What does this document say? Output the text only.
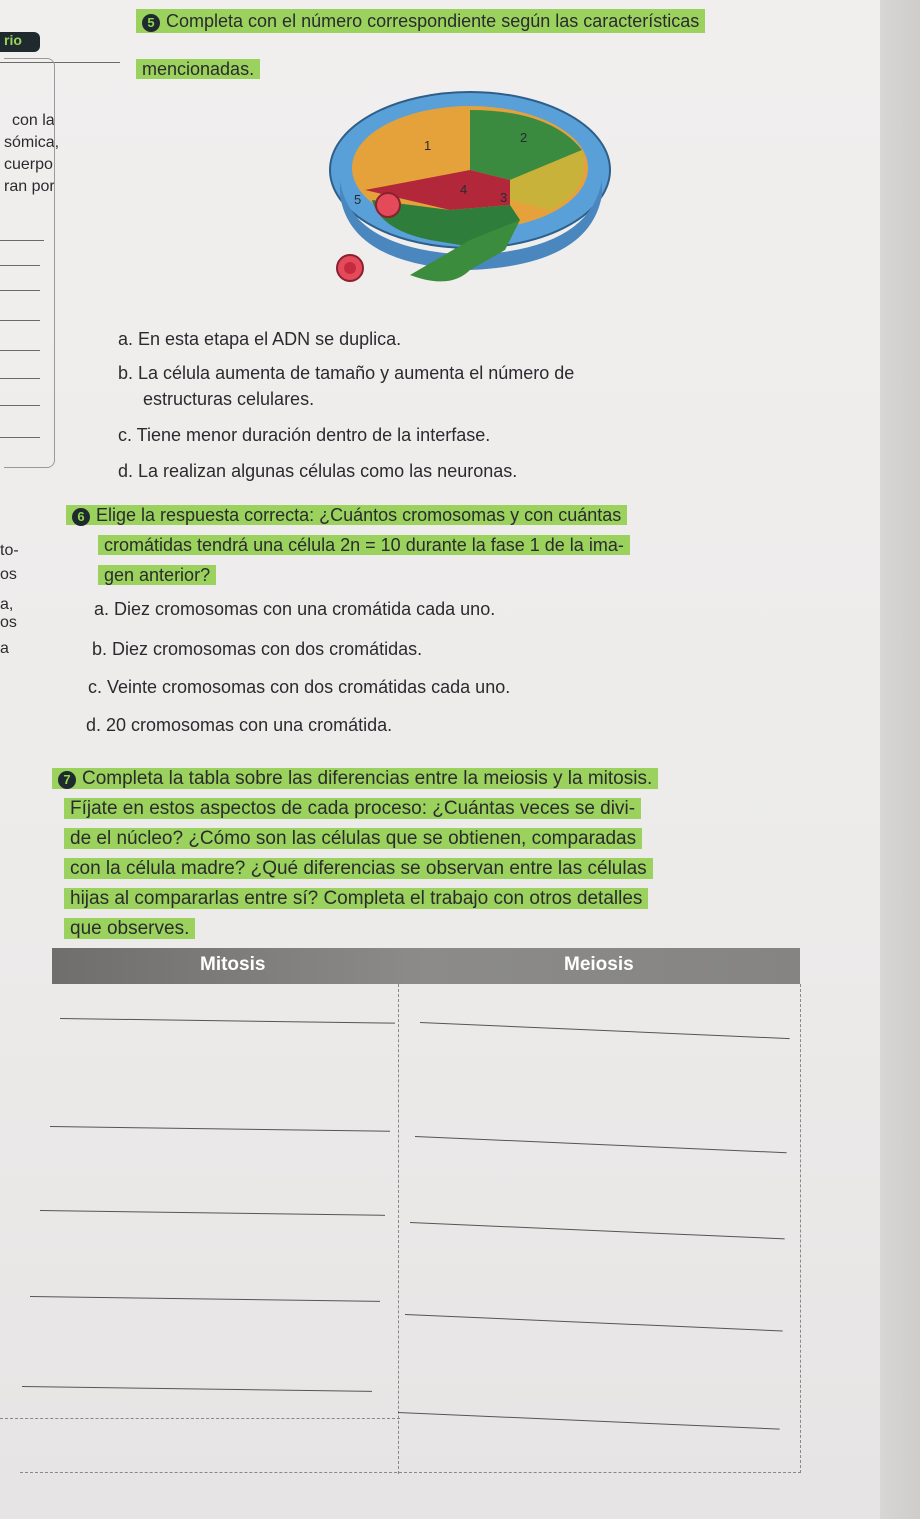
rio
con la
sómica,
cuerpo
ran por
to-
os
a,
os
a
5 Completa con el número correspondiente según las características
mencionadas.
1
2
3
4
5
a. En esta etapa el ADN se duplica.
b. La célula aumenta de tamaño y aumenta el número de
estructuras celulares.
c. Tiene menor duración dentro de la interfase.
d. La realizan algunas células como las neuronas.
6 Elige la respuesta correcta: ¿Cuántos cromosomas y con cuántas
cromátidas tendrá una célula 2n = 10 durante la fase 1 de la ima-
gen anterior?
a. Diez cromosomas con una cromátida cada uno.
b. Diez cromosomas con dos cromátidas.
c. Veinte cromosomas con dos cromátidas cada uno.
d. 20 cromosomas con una cromátida.
7 Completa la tabla sobre las diferencias entre la meiosis y la mitosis.
Fíjate en estos aspectos de cada proceso: ¿Cuántas veces se divi-
de el núcleo? ¿Cómo son las células que se obtienen, comparadas
con la célula madre? ¿Qué diferencias se observan entre las células
hijas al compararlas entre sí? Completa el trabajo con otros detalles
que observes.
Mitosis	Meiosis
